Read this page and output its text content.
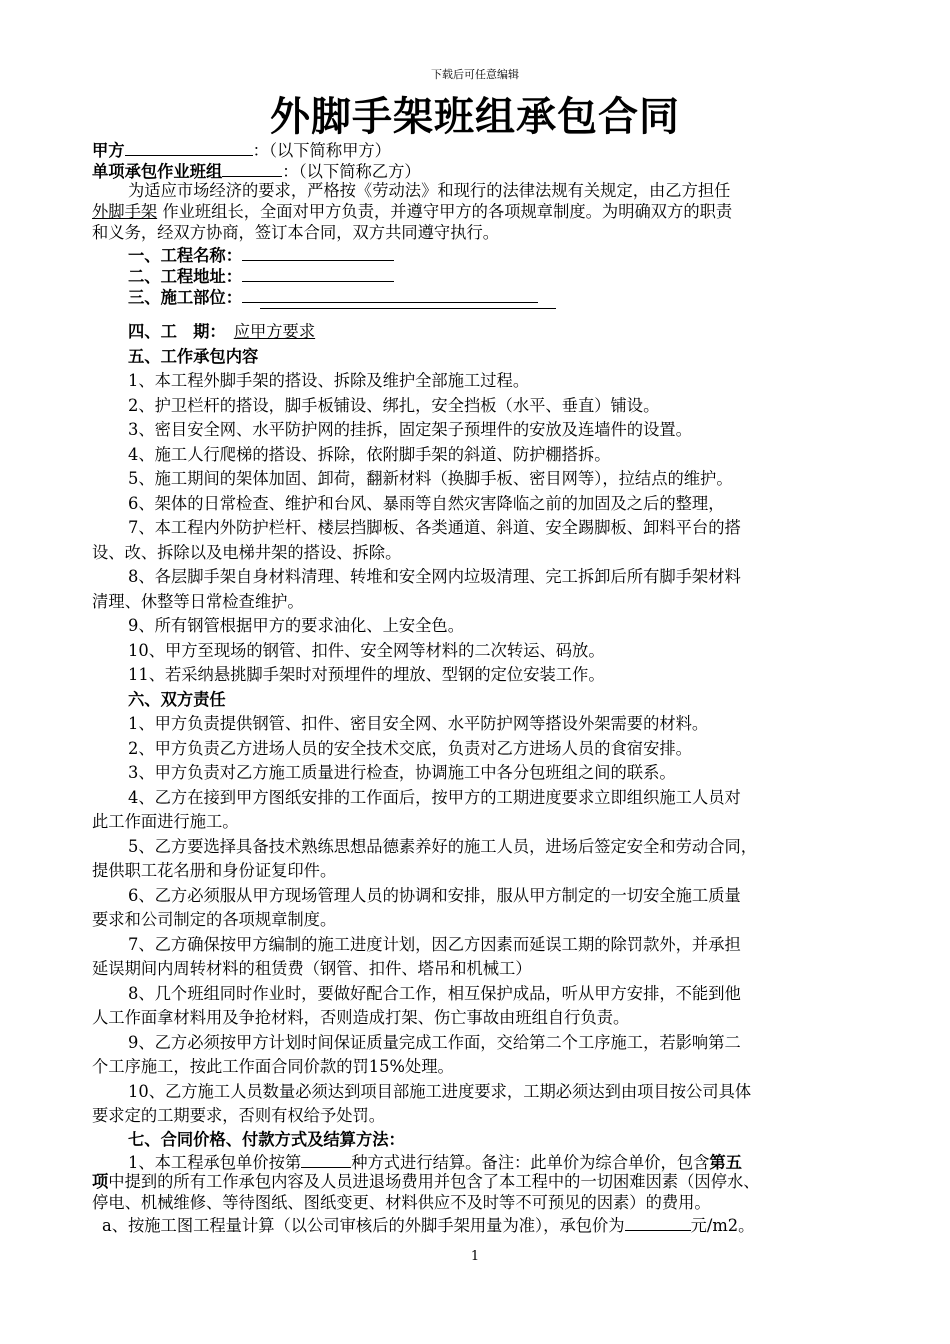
下载后可任意编辑
外脚手架班组承包合同
甲方	：（以下简称甲方）
单项承包作业班组	：（以下简称乙方）
为适应市场经济的要求，严格按《劳动法》和现行的法律法规有关规定，由乙方担任
外脚手架 作业班组长，全面对甲方负责，并遵守甲方的各项规章制度。为明确双方的职责
和义务，经双方协商，签订本合同，双方共同遵守执行。
一、工程名称：
二、工程地址：
三、施工部位：
四、工　期： 应甲方要求
五、工作承包内容
1、本工程外脚手架的搭设、拆除及维护全部施工过程。
2、护卫栏杆的搭设，脚手板铺设、绑扎，安全挡板（水平、垂直）铺设。
3、密目安全网、水平防护网的挂拆，固定架子预埋件的安放及连墙件的设置。
4、施工人行爬梯的搭设、拆除，依附脚手架的斜道、防护棚搭拆。
5、施工期间的架体加固、卸荷，翻新材料（换脚手板、密目网等），拉结点的维护。
6、架体的日常检查、维护和台风、暴雨等自然灾害降临之前的加固及之后的整理，
7、本工程内外防护栏杆、楼层挡脚板、各类通道、斜道、安全踢脚板、卸料平台的搭
设、改、拆除以及电梯井架的搭设、拆除。
8、各层脚手架自身材料清理、转堆和安全网内垃圾清理、完工拆卸后所有脚手架材料
清理、休整等日常检查维护。
9、所有钢管根据甲方的要求油化、上安全色。
10、甲方至现场的钢管、扣件、安全网等材料的二次转运、码放。
11、若采纳悬挑脚手架时对预埋件的埋放、型钢的定位安装工作。
六、双方责任
1、甲方负责提供钢管、扣件、密目安全网、水平防护网等搭设外架需要的材料。
2、甲方负责乙方进场人员的安全技术交底，负责对乙方进场人员的食宿安排。
3、甲方负责对乙方施工质量进行检查，协调施工中各分包班组之间的联系。
4、乙方在接到甲方图纸安排的工作面后，按甲方的工期进度要求立即组织施工人员对
此工作面进行施工。
5、乙方要选择具备技术熟练思想品德素养好的施工人员，进场后签定安全和劳动合同，
提供职工花名册和身份证复印件。
6、乙方必须服从甲方现场管理人员的协调和安排，服从甲方制定的一切安全施工质量
要求和公司制定的各项规章制度。
7、乙方确保按甲方编制的施工进度计划，因乙方因素而延误工期的除罚款外，并承担
延误期间内周转材料的租赁费（钢管、扣件、塔吊和机械工）
8、几个班组同时作业时，要做好配合工作，相互保护成品，听从甲方安排，不能到他
人工作面拿材料用及争抢材料，否则造成打架、伤亡事故由班组自行负责。
9、乙方必须按甲方计划时间保证质量完成工作面，交给第二个工序施工，若影响第二
个工序施工，按此工作面合同价款的罚15%处理。
10、乙方施工人员数量必须达到项目部施工进度要求，工期必须达到由项目按公司具体
要求定的工期要求，否则有权给予处罚。
七、合同价格、付款方式及结算方法：
1、本工程承包单价按第	种方式进行结算。备注：此单价为综合单价，包含第五
项中提到的所有工作承包内容及人员进退场费用并包含了本工程中的一切困难因素（因停水、
停电、机械维修、等待图纸、图纸变更、材料供应不及时等不可预见的因素）的费用。
a、按施工图工程量计算（以公司审核后的外脚手架用量为准），承包价为	元/m2。
1
